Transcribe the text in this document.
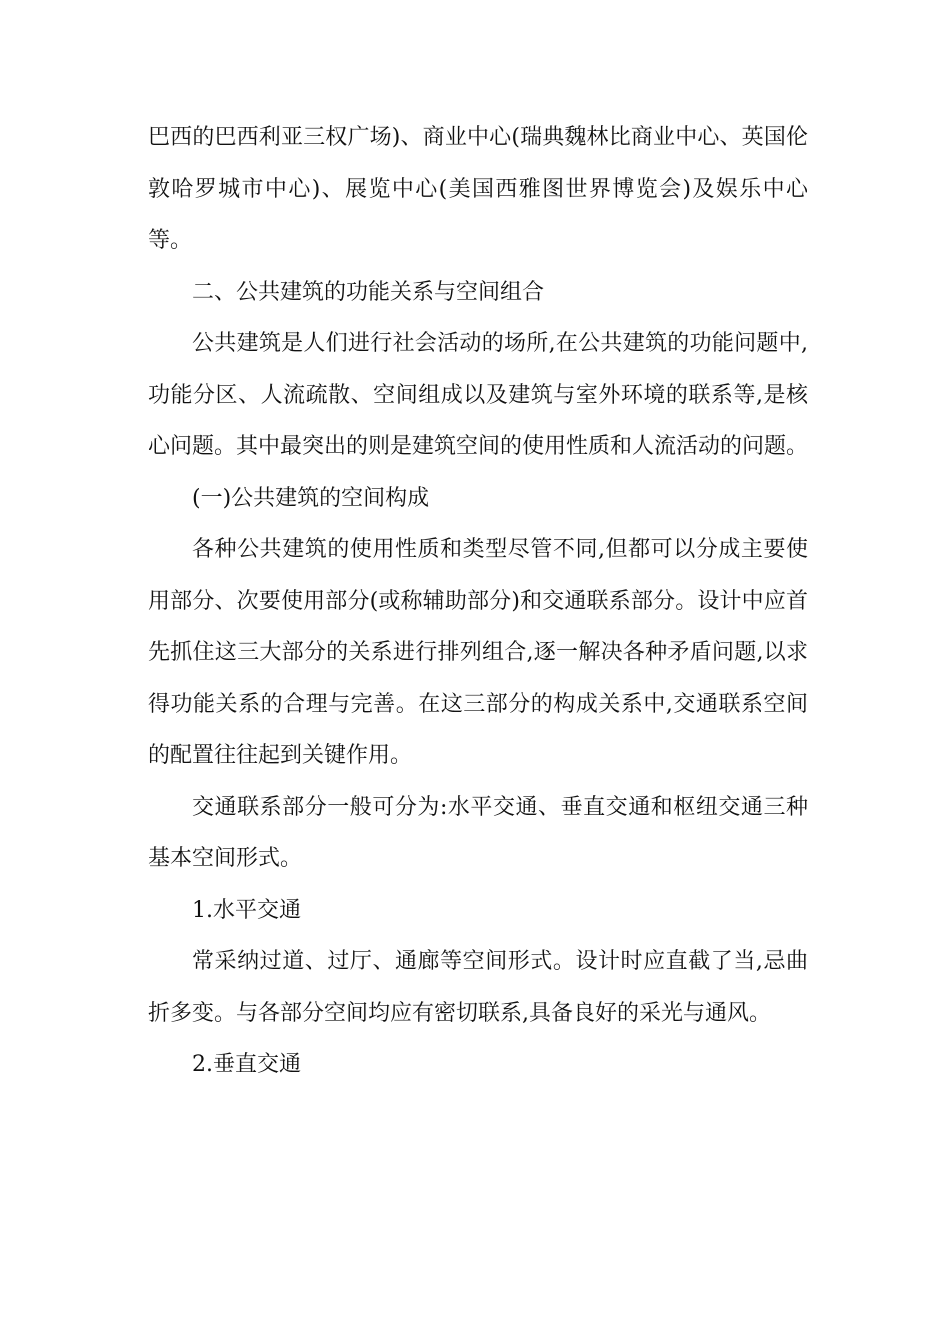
巴西的巴西利亚三权广场)、商业中心(瑞典魏林比商业中心、英国伦敦哈罗城市中心)、展览中心(美国西雅图世界博览会)及娱乐中心等。

二、公共建筑的功能关系与空间组合

公共建筑是人们进行社会活动的场所,在公共建筑的功能问题中,功能分区、人流疏散、空间组成以及建筑与室外环境的联系等,是核心问题。其中最突出的则是建筑空间的使用性质和人流活动的问题。

(一)公共建筑的空间构成

各种公共建筑的使用性质和类型尽管不同,但都可以分成主要使用部分、次要使用部分(或称辅助部分)和交通联系部分。设计中应首先抓住这三大部分的关系进行排列组合,逐一解决各种矛盾问题,以求得功能关系的合理与完善。在这三部分的构成关系中,交通联系空间的配置往往起到关键作用。

交通联系部分一般可分为:水平交通、垂直交通和枢纽交通三种基本空间形式。

1.水平交通

常采纳过道、过厅、通廊等空间形式。设计时应直截了当,忌曲折多变。与各部分空间均应有密切联系,具备良好的采光与通风。

2.垂直交通
